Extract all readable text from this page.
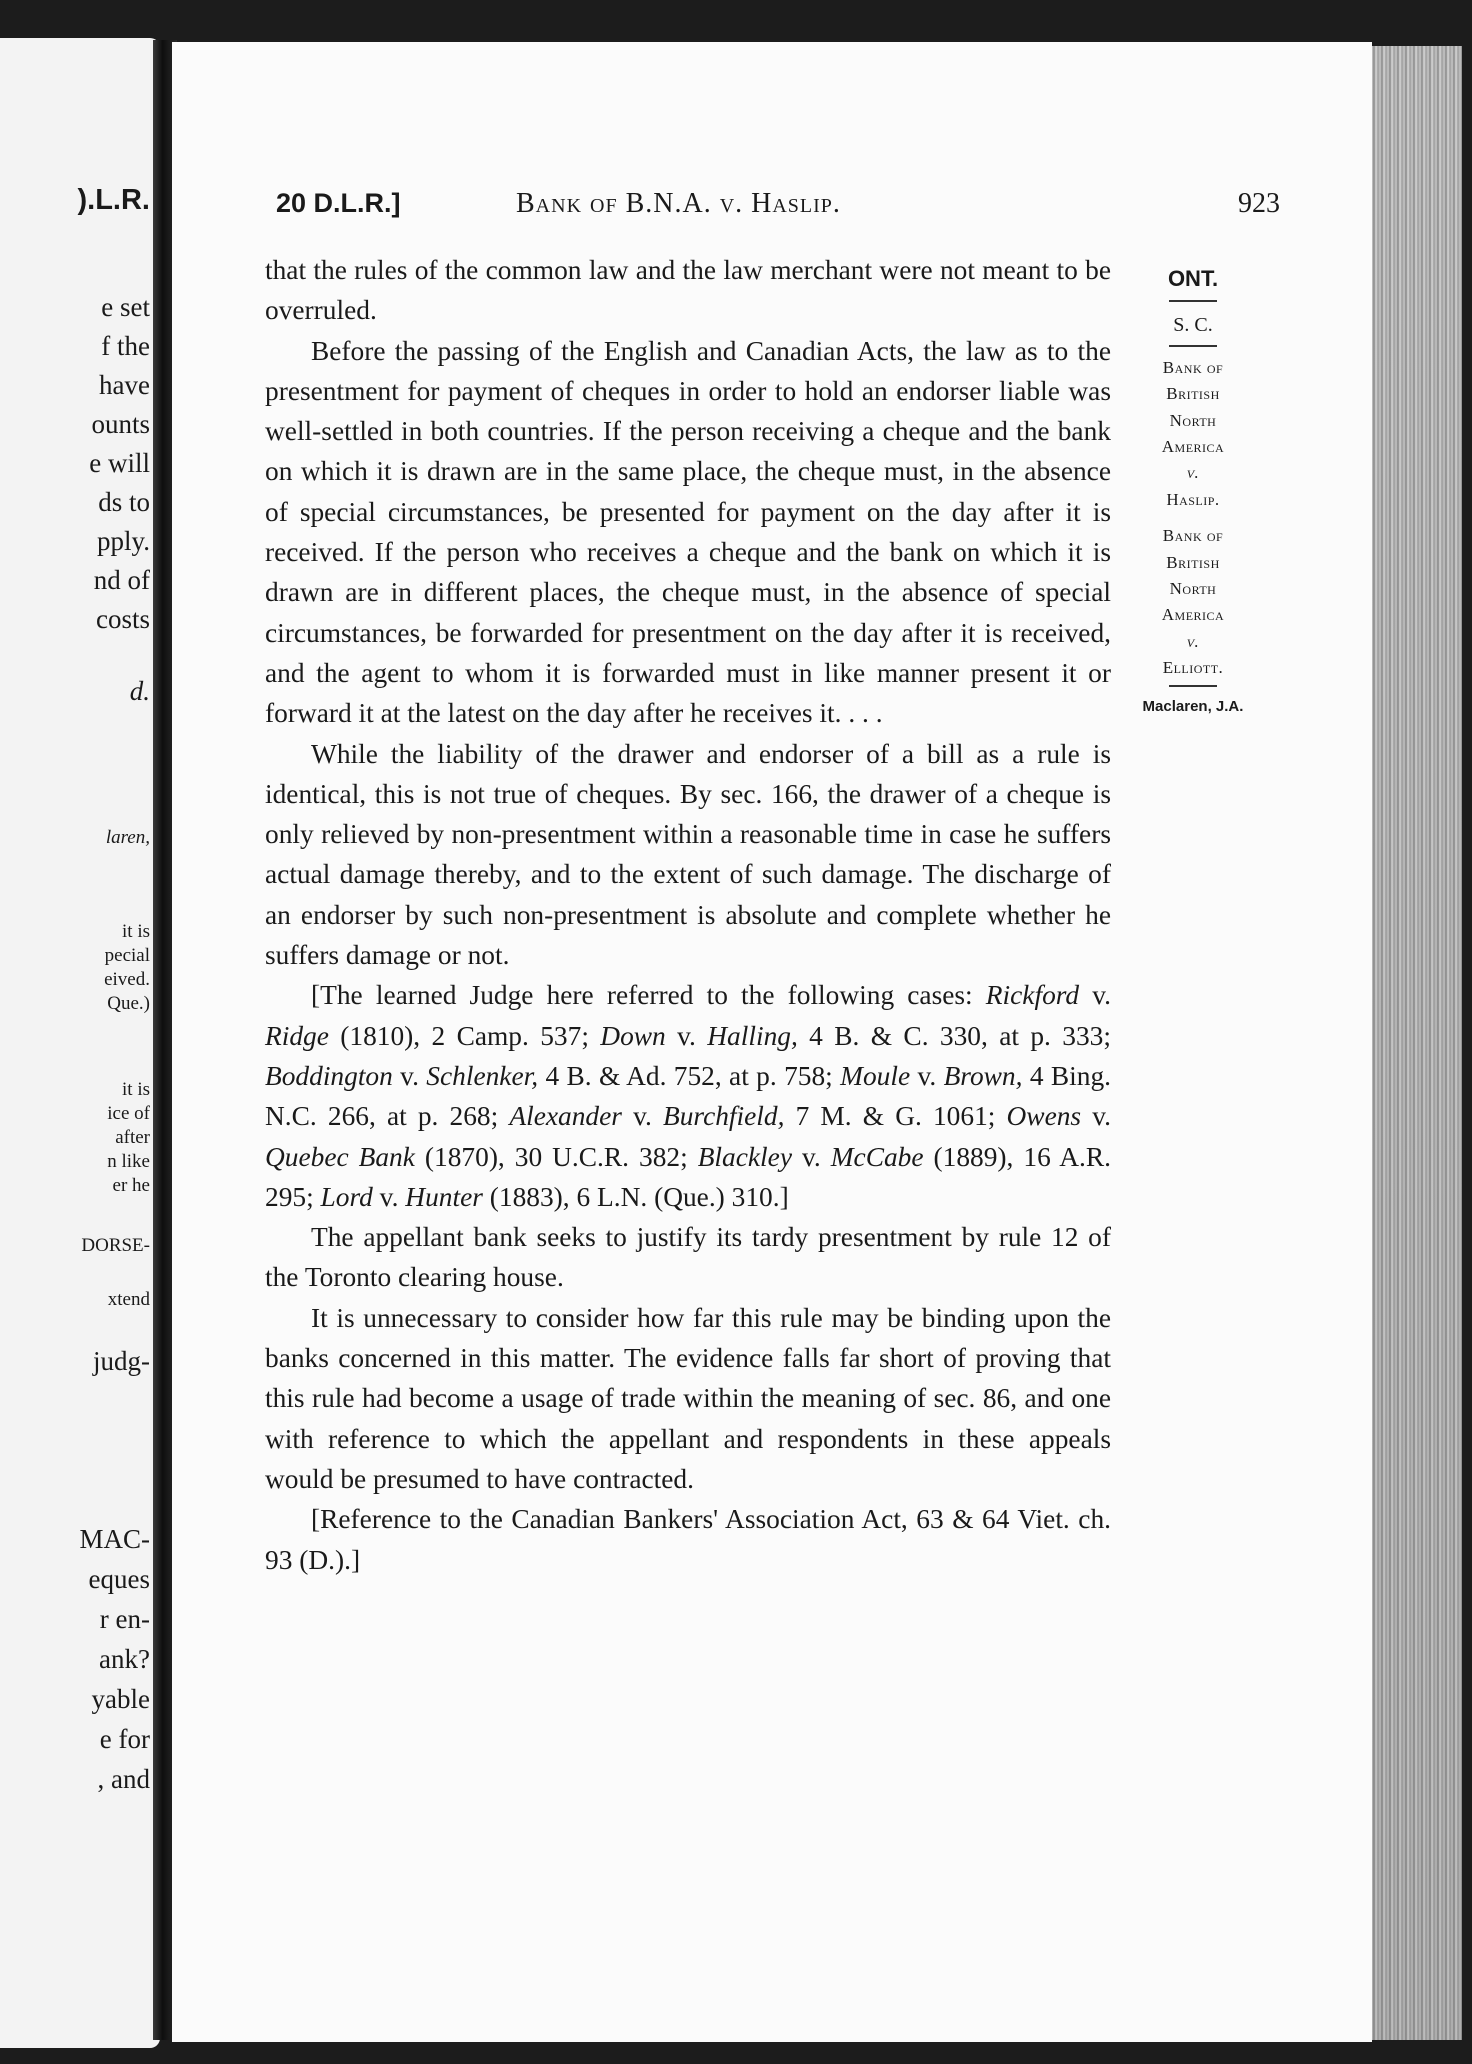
).L.R.
e set
f the
have
ounts
e will
ds to
pply.
nd of
costs
d.
laren,
it is
pecial
eived.
Que.)
it is
ice of
after
n like
er he
DORSE-
xtend
judg-
MAC-
eques
r en-
ank?
yable
e for
, and
20 D.L.R.]	Bank of B.N.A. v. Haslip.	923
ONT.
S. C.
Bank of
British
North
America
v.
Haslip.
Bank of
British
North
America
v.
Elliott.
Maclaren, J.A.

that the rules of the common law and the law merchant were not meant to be overruled.

Before the passing of the English and Canadian Acts, the law as to the presentment for payment of cheques in order to hold an endorser liable was well-settled in both countries. If the person receiving a cheque and the bank on which it is drawn are in the same place, the cheque must, in the absence of special circumstances, be presented for payment on the day after it is received. If the person who receives a cheque and the bank on which it is drawn are in different places, the cheque must, in the absence of special circumstances, be forwarded for presentment on the day after it is received, and the agent to whom it is forwarded must in like manner present it or forward it at the latest on the day after he receives it. . . .

While the liability of the drawer and endorser of a bill as a rule is identical, this is not true of cheques. By sec. 166, the drawer of a cheque is only relieved by non-presentment within a reasonable time in case he suffers actual damage thereby, and to the extent of such damage. The discharge of an endorser by such non-presentment is absolute and complete whether he suffers damage or not.

[The learned Judge here referred to the following cases: Rickford v. Ridge (1810), 2 Camp. 537; Down v. Halling, 4 B. & C. 330, at p. 333; Boddington v. Schlenker, 4 B. & Ad. 752, at p. 758; Moule v. Brown, 4 Bing. N.C. 266, at p. 268; Alexander v. Burchfield, 7 M. & G. 1061; Owens v. Quebec Bank (1870), 30 U.C.R. 382; Blackley v. McCabe (1889), 16 A.R. 295; Lord v. Hunter (1883), 6 L.N. (Que.) 310.]

The appellant bank seeks to justify its tardy presentment by rule 12 of the Toronto clearing house.

It is unnecessary to consider how far this rule may be binding upon the banks concerned in this matter. The evidence falls far short of proving that this rule had become a usage of trade within the meaning of sec. 86, and one with reference to which the appellant and respondents in these appeals would be presumed to have contracted.

[Reference to the Canadian Bankers' Association Act, 63 & 64 Viet. ch. 93 (D.).]
